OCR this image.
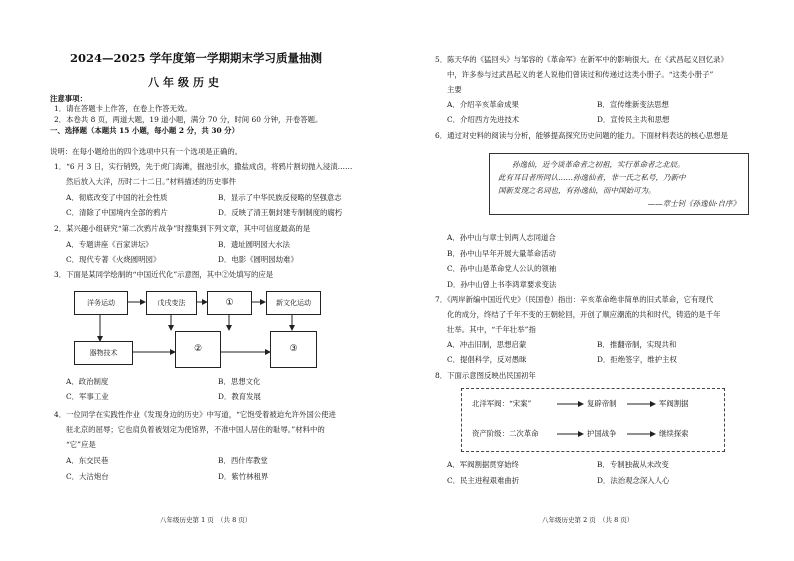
2024—2025 学年度第一学期期末学习质量抽测
八年级历史
注意事项：
1．请在答题卡上作答，在卷上作答无效。
2．本卷共 8 页，两道大题，19 道小题，满分 70 分，时间 60 分钟，开卷答题。
一、选择题（本题共 15 小题，每小题 2 分，共 30 分）
说明：在每小题给出的四个选项中只有一个选项是正确的。
1．“6 月 3 日，实行销毁，先于虎门海滩，掘池引水，撒盐成卤，将鸦片割切抛入浸渍……
然后放入大洋，历时二十二日。”材料描述的历史事件
A．彻底改变了中国的社会性质	B．显示了中华民族反侵略的坚强意志
C．清除了中国境内全部的鸦片	D．反映了清王朝封建专制制度的腐朽
2．某兴趣小组研究“第二次鸦片战争”时搜集到下列文章，其中可信度最高的是
A．专题讲座《百家讲坛》	B．遗址圆明园大水法
C．现代专著《火烧圆明园》	D．电影《圆明园劫难》
3．下面是某同学绘制的“中国近代化”示意图，其中②处填写的应是
洋务运动	戊戌变法	①	新文化运动
器物技术	②	③
A．政治制度	B．思想文化
C．军事工业	D．教育发展
4．一位同学在实践性作业《发现身边的历史》中写道，“它饱受着被迫允许外国公使进
驻北京的屈辱；它也肩负着被划定为使馆界，不准中国人居住的耻辱。”材料中的
“它”应是
A．东交民巷	B．西什库教堂
C．大沽炮台	D．紫竹林租界
八年级历史第 1 页　（共 8 页）
5．陈天华的《猛回头》与邹容的《革命军》在新军中的影响很大。在《武昌起义回忆录》
中，许多参与过武昌起义的老人说他们曾读过和传递过这类小册子。“这类小册子”
主要
A．介绍辛亥革命成果	B．宣传维新变法思想
C．介绍西方先进技术	D．宣传民主共和思想
6．通过对史料的阅读与分析，能够提高探究历史问题的能力。下面材料表达的核心思想是
孙逸仙，近今谈革命者之初祖，实行革命者之北辰。
此有耳目者所同认……孙逸仙者，非一氏之私号，乃新中
国新发现之名词也，有孙逸仙，而中国始可为。
——章士钊《孙逸仙·自序》
A．孙中山与章士钊两人志同道合
B．孙中山早年开展大量革命活动
C．孙中山是革命党人公认的领袖
D．孙中山曾上书李鸿章要求变法
7．《两岸新编中国近代史》（民国卷）指出：辛亥革命绝非简单的旧式革命，它有现代
化的成分，终结了千年不变的王朝轮回，开创了顺应潮流的共和时代，铸造的是千年
壮举。其中，“千年壮举”指
A．冲击旧制，思想启蒙	B．推翻帝制，实现共和
C．提倡科学，反对愚昧	D．拒绝签字，维护主权
8．下面示意图反映出民国初年
北洋军阀：“宋案”	复辟帝制	军阀割据
资产阶级：二次革命	护国战争	继续探索
A．军阀割据贯穿始终	B．专制独裁从未改变
C．民主进程艰难曲折	D．法治观念深入人心
八年级历史第 2 页　（共 8 页）
